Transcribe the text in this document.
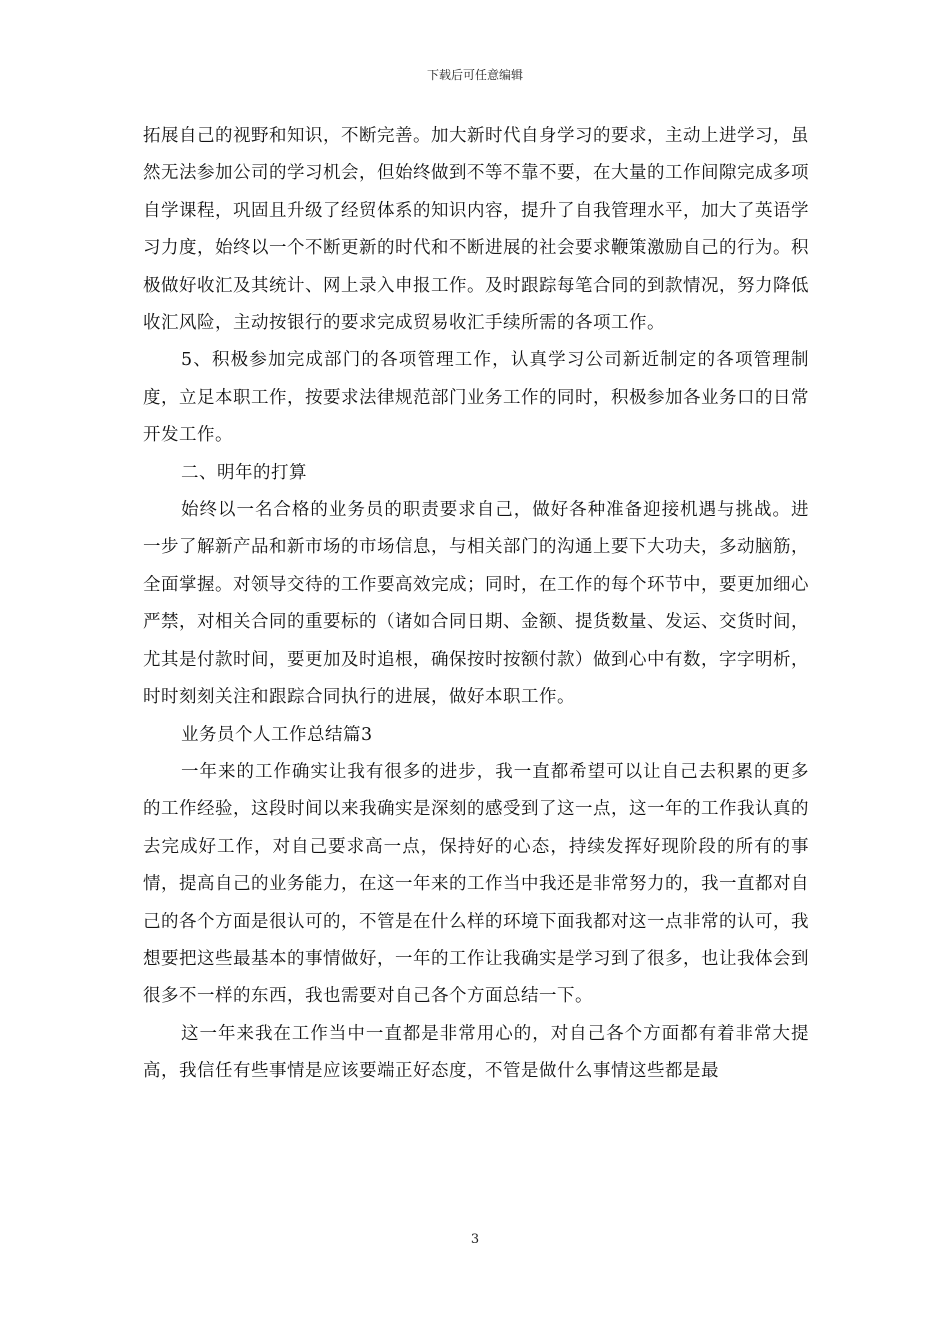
下载后可任意编辑

拓展自己的视野和知识，不断完善。加大新时代自身学习的要求，主动上进学习，虽然无法参加公司的学习机会，但始终做到不等不靠不要，在大量的工作间隙完成多项自学课程，巩固且升级了经贸体系的知识内容，提升了自我管理水平，加大了英语学习力度，始终以一个不断更新的时代和不断进展的社会要求鞭策激励自己的行为。积极做好收汇及其统计、网上录入申报工作。及时跟踪每笔合同的到款情况，努力降低收汇风险，主动按银行的要求完成贸易收汇手续所需的各项工作。

5、积极参加完成部门的各项管理工作，认真学习公司新近制定的各项管理制度，立足本职工作，按要求法律规范部门业务工作的同时，积极参加各业务口的日常开发工作。

二、明年的打算

始终以一名合格的业务员的职责要求自己，做好各种准备迎接机遇与挑战。进一步了解新产品和新市场的市场信息，与相关部门的沟通上要下大功夫，多动脑筋，全面掌握。对领导交待的工作要高效完成；同时，在工作的每个环节中，要更加细心严禁，对相关合同的重要标的（诸如合同日期、金额、提货数量、发运、交货时间，尤其是付款时间，要更加及时追根，确保按时按额付款）做到心中有数，字字明析，时时刻刻关注和跟踪合同执行的进展，做好本职工作。

业务员个人工作总结篇3

一年来的工作确实让我有很多的进步，我一直都希望可以让自己去积累的更多的工作经验，这段时间以来我确实是深刻的感受到了这一点，这一年的工作我认真的去完成好工作，对自己要求高一点，保持好的心态，持续发挥好现阶段的所有的事情，提高自己的业务能力，在这一年来的工作当中我还是非常努力的，我一直都对自己的各个方面是很认可的，不管是在什么样的环境下面我都对这一点非常的认可，我想要把这些最基本的事情做好，一年的工作让我确实是学习到了很多，也让我体会到很多不一样的东西，我也需要对自己各个方面总结一下。

这一年来我在工作当中一直都是非常用心的，对自己各个方面都有着非常大提高，我信任有些事情是应该要端正好态度，不管是做什么事情这些都是最

3
